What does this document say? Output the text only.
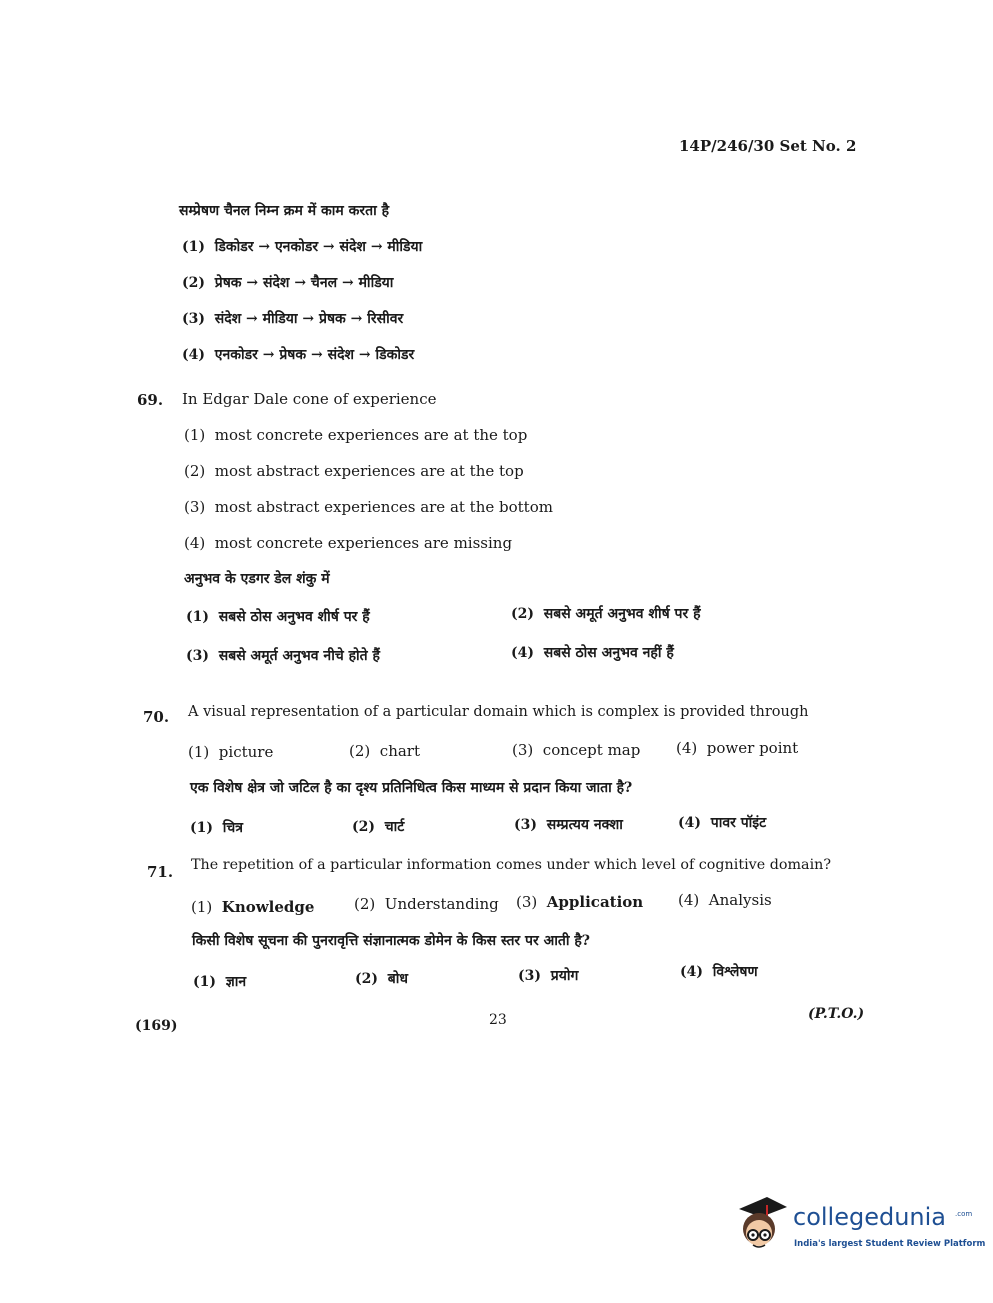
14P/246/30 Set No. 2
सम्प्रेषण चैनल निम्न क्रम में काम करता है
(1) डिकोडर → एनकोडर → संदेश → मीडिया
(2) प्रेषक → संदेश → चैनल → मीडिया
(3) संदेश → मीडिया → प्रेषक → रिसीवर
(4) एनकोडर → प्रेषक → संदेश → डिकोडर
69. In Edgar Dale cone of experience
(1) most concrete experiences are at the top
(2) most abstract experiences are at the top
(3) most abstract experiences are at the bottom
(4) most concrete experiences are missing
अनुभव के एडगर डेल शंकु में
(1) सबसे ठोस अनुभव शीर्ष पर हैं	(2) सबसे अमूर्त अनुभव शीर्ष पर हैं
(3) सबसे अमूर्त अनुभव नीचे होते हैं	(4) सबसे ठोस अनुभव नहीं हैं
70. A visual representation of a particular domain which is complex is provided through
(1) picture	(2) chart	(3) concept map (4) power point
एक विशेष क्षेत्र जो जटिल है का दृश्य प्रतिनिधित्व किस माध्यम से प्रदान किया जाता है?
(1) चित्र	(2) चार्ट	(3) सम्प्रत्यय नक्शा	(4) पावर पॉइंट
71. The repetition of a particular information comes under which level of cognitive domain?
(1) Knowledge	(2) Understanding (3) Application (4) Analysis
किसी विशेष सूचना की पुनरावृत्ति संज्ञानात्मक डोमेन के किस स्तर पर आती है?
(1) ज्ञान	(2) बोध	(3) प्रयोग	(4) विश्लेषण
(169)	23	(P.T.O.)
collegedunia .com
India's largest Student Review Platform
